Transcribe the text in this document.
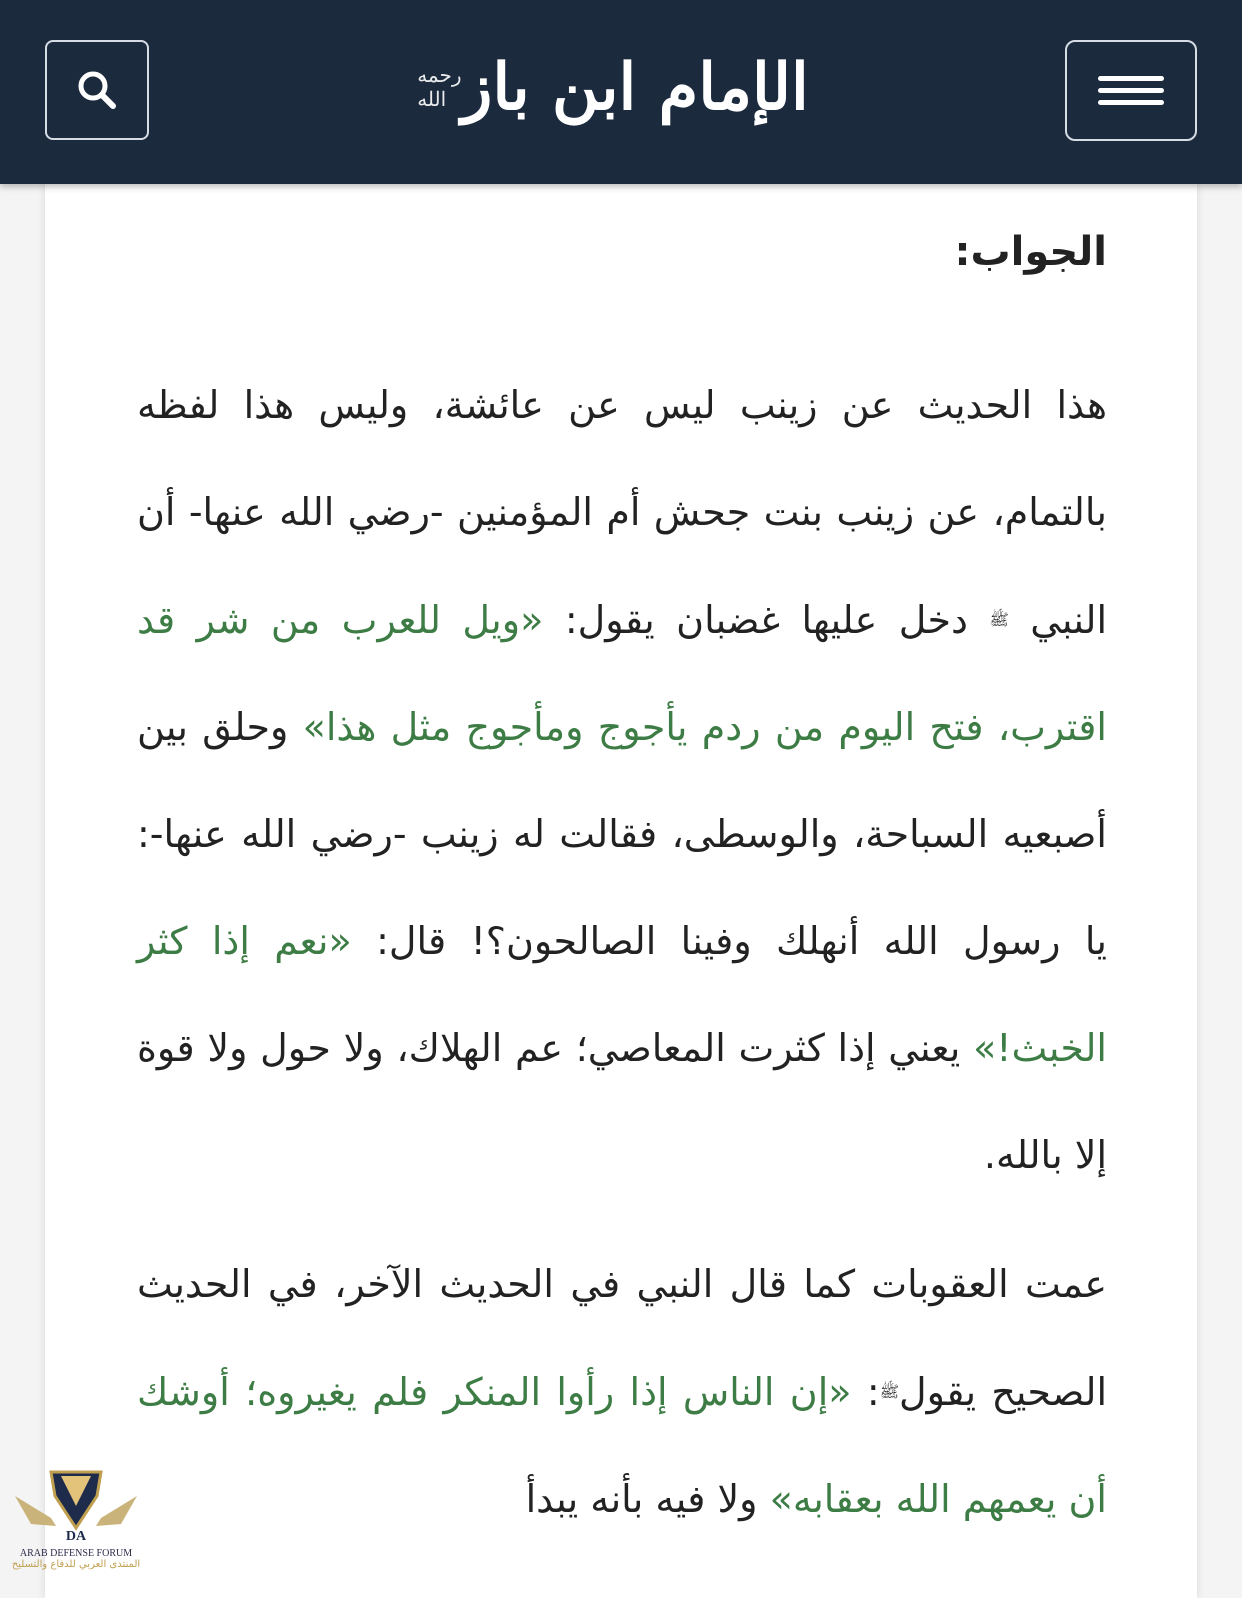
رحمه الله الإمام ابن باز
الجواب:

هذا الحديث عن زينب ليس عن عائشة، وليس هذا لفظه بالتمام، عن زينب بنت جحش أم المؤمنين -رضي الله عنها- أن النبي $^ﷺ$ دخل عليها غضبان يقول: «ويل للعرب من شر قد اقترب، فتح اليوم من ردم يأجوج ومأجوج مثل هذا» وحلق بين أصبعيه السباحة، والوسطى، فقالت له زينب -رضي الله عنها-: يا رسول الله أنهلك وفينا الصالحون؟! قال: «نعم إذا كثر الخبث!» يعني إذا كثرت المعاصي؛ عم الهلاك، ولا حول ولا قوة إلا بالله.

عمت العقوبات كما قال النبي في الحديث الآخر، في الحديث الصحيح يقول$^ﷺ$: «إن الناس إذا رأوا المنكر فلم يغيروه؛ أوشك أن يعمهم الله بعقابه» ولا فيه بأنه يبدأ

DA
ARAB DEFENSE FORUM
المنتدى العربي للدفاع والتسليح
